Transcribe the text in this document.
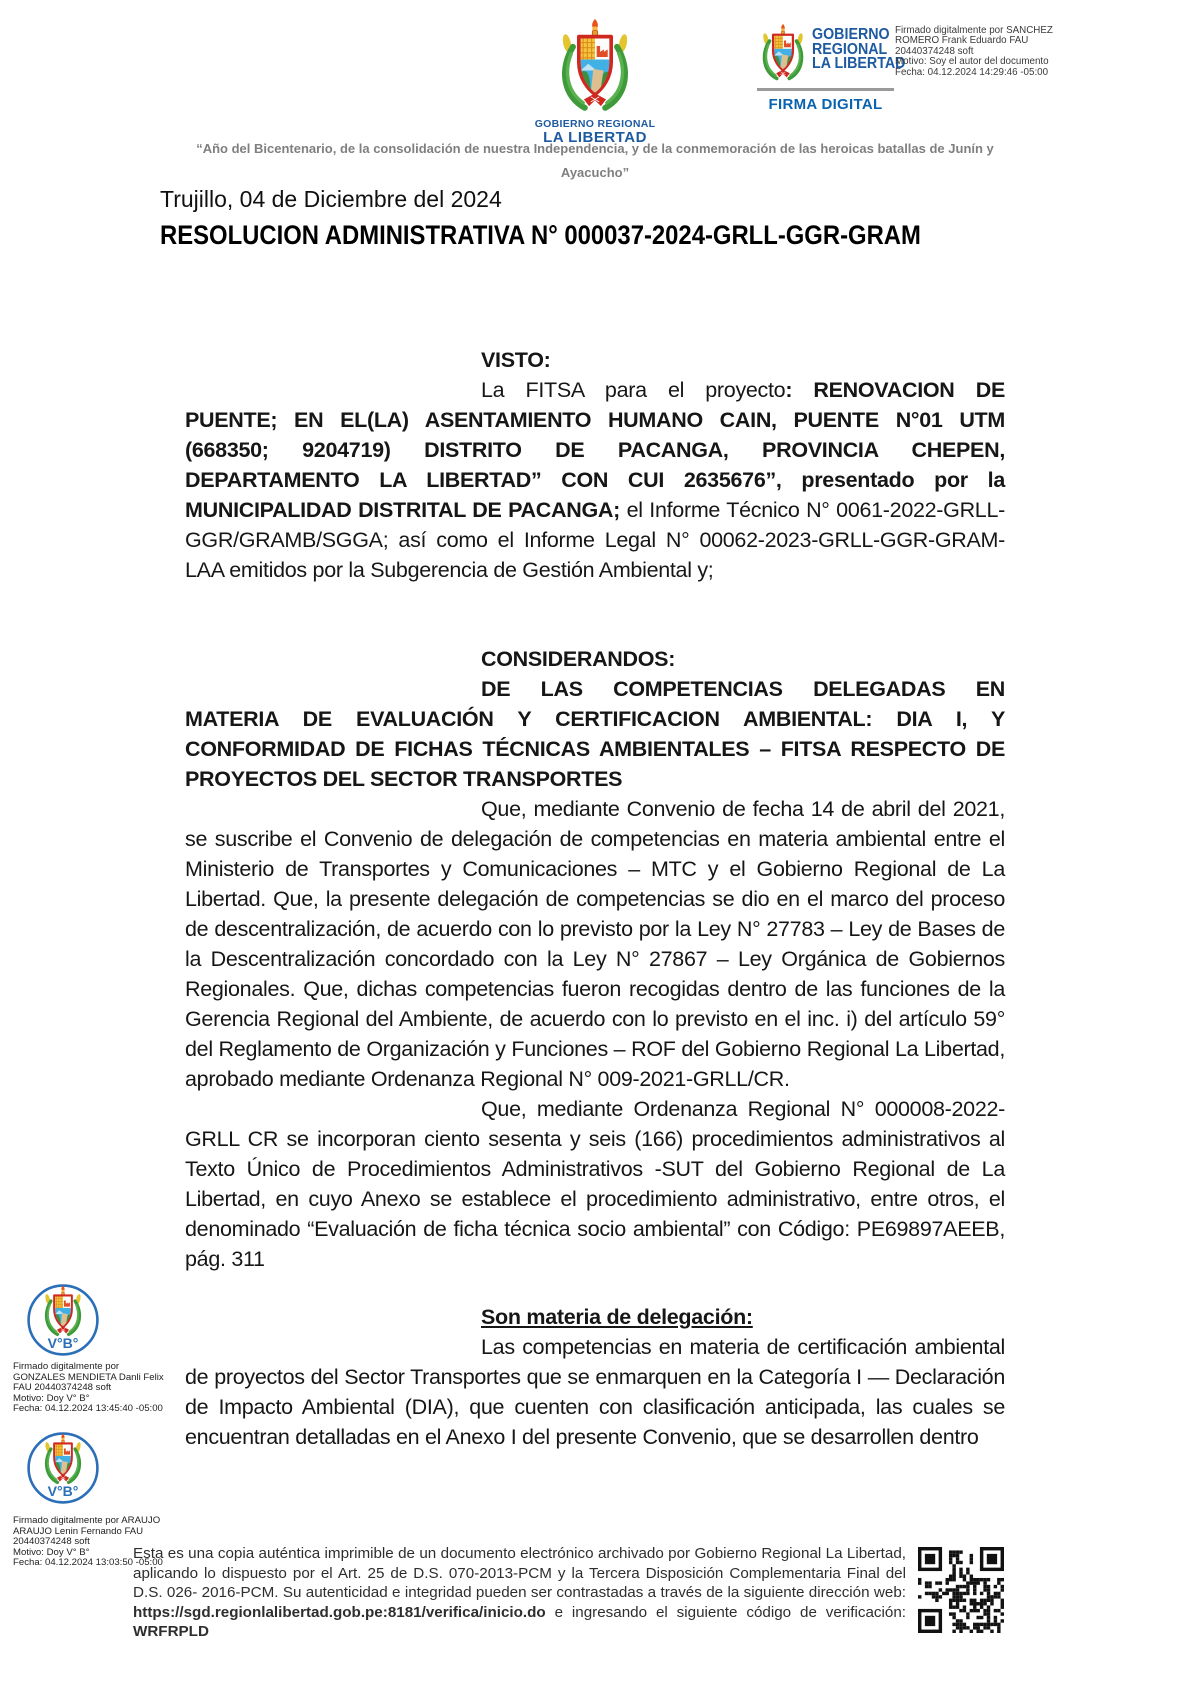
GOBIERNO REGIONAL
LA LIBERTAD
GOBIERNO
REGIONAL
LA LIBERTAD
FIRMA DIGITAL
Firmado digitalmente por SANCHEZ
ROMERO Frank Eduardo FAU
20440374248 soft
Motivo: Soy el autor del documento
Fecha: 04.12.2024 14:29:46 -05:00
“Año del Bicentenario, de la consolidación de nuestra Independencia, y de la conmemoración de las heroicas batallas de Junín y
Ayacucho”
Trujillo, 04 de Diciembre del 2024
RESOLUCION ADMINISTRATIVA N° 000037-2024-GRLL-GGR-GRAM
VISTO:

La FITSA para el proyecto: RENOVACION DE PUENTE; EN EL(LA) ASENTAMIENTO HUMANO CAIN, PUENTE N°01 UTM (668350; 9204719) DISTRITO DE PACANGA, PROVINCIA CHEPEN, DEPARTAMENTO LA LIBERTAD” CON CUI 2635676”, presentado por la MUNICIPALIDAD DISTRITAL DE PACANGA; el Informe Técnico N° 0061-2022-GRLL-GGR/GRAMB/SGGA; así como el Informe Legal N° 00062-2023-GRLL-GGR-GRAM-LAA emitidos por la Subgerencia de Gestión Ambiental y;

CONSIDERANDOS:

DE LAS COMPETENCIAS DELEGADAS EN MATERIA DE EVALUACIÓN Y CERTIFICACION AMBIENTAL: DIA I, Y CONFORMIDAD DE FICHAS TÉCNICAS AMBIENTALES – FITSA RESPECTO DE PROYECTOS DEL SECTOR TRANSPORTES

Que, mediante Convenio de fecha 14 de abril del 2021, se suscribe el Convenio de delegación de competencias en materia ambiental entre el Ministerio de Transportes y Comunicaciones – MTC y el Gobierno Regional de La Libertad. Que, la presente delegación de competencias se dio en el marco del proceso de descentralización, de acuerdo con lo previsto por la Ley N° 27783 – Ley de Bases de la Descentralización concordado con la Ley N° 27867 – Ley Orgánica de Gobiernos Regionales. Que, dichas competencias fueron recogidas dentro de las funciones de la Gerencia Regional del Ambiente, de acuerdo con lo previsto en el inc. i) del artículo 59° del Reglamento de Organización y Funciones – ROF del Gobierno Regional La Libertad, aprobado mediante Ordenanza Regional N° 009-2021-GRLL/CR.

Que, mediante Ordenanza Regional N° 000008-2022-GRLL CR se incorporan ciento sesenta y seis (166) procedimientos administrativos al Texto Único de Procedimientos Administrativos -SUT del Gobierno Regional de La Libertad, en cuyo Anexo se establece el procedimiento administrativo, entre otros, el denominado “Evaluación de ficha técnica socio ambiental” con Código: PE69897AEEB, pág. 311

Son materia de delegación:

Las competencias en materia de certificación ambiental de proyectos del Sector Transportes que se enmarquen en la Categoría I — Declaración de Impacto Ambiental (DIA), que cuenten con clasificación anticipada, las cuales se encuentran detalladas en el Anexo I del presente Convenio, que se desarrollen dentro

V°B°
Firmado digitalmente por
GONZALES MENDIETA Danli Felix
FAU 20440374248 soft
Motivo: Doy V° B°
Fecha: 04.12.2024 13:45:40 -05:00
V°B°
Firmado digitalmente por ARAUJO
ARAUJO Lenin Fernando FAU
20440374248 soft
Motivo: Doy V° B°
Fecha: 04.12.2024 13:03:50 -05:00
Esta es una copia auténtica imprimible de un documento electrónico archivado por Gobierno Regional La Libertad, aplicando lo dispuesto por el Art. 25 de D.S. 070-2013-PCM y la Tercera Disposición Complementaria Final del D.S. 026- 2016-PCM. Su autenticidad e integridad pueden ser contrastadas a través de la siguiente dirección web: https://sgd.regionlalibertad.gob.pe:8181/verifica/inicio.do e ingresando el siguiente código de verificación: WRFRPLD
